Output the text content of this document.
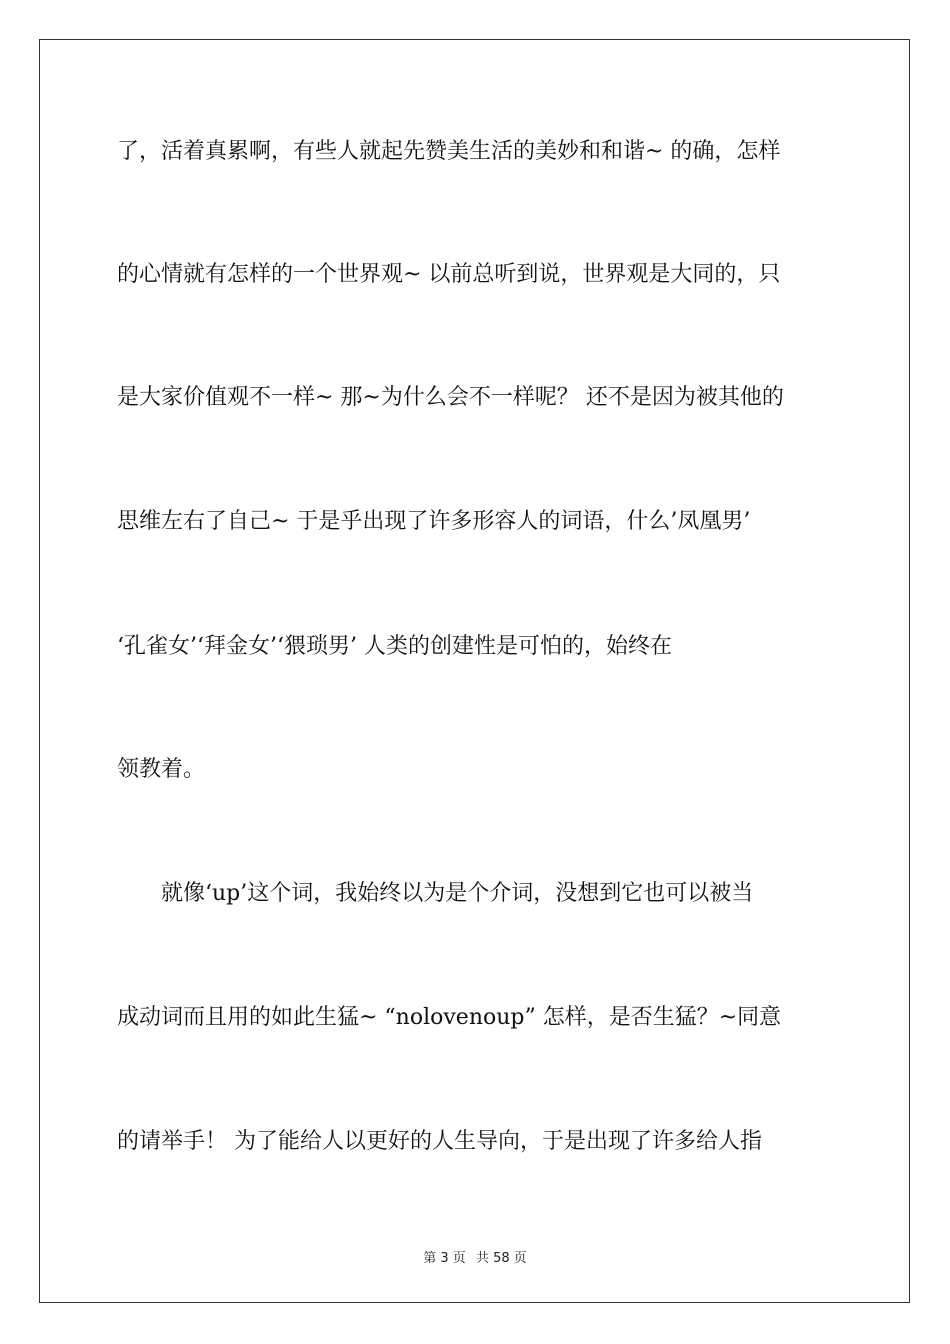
了，活着真累啊，有些人就起先赞美生活的美妙和和谐~ 的确，怎样
的心情就有怎样的一个世界观~ 以前总听到说，世界观是大同的，只
是大家价值观不一样~ 那~为什么会不一样呢？ 还不是因为被其他的
思维左右了自己~ 于是乎出现了许多形容人的词语，什么’凤凰男’
‘孔雀女’‘拜金女’‘猥琐男’ 人类的创建性是可怕的，始终在
领教着。
就像‘up’这个词，我始终以为是个介词，没想到它也可以被当
成动词而且用的如此生猛~ “nolovenoup” 怎样，是否生猛？~同意
的请举手！ 为了能给人以更好的人生导向，于是出现了许多给人指
第 3 页 共 58 页
